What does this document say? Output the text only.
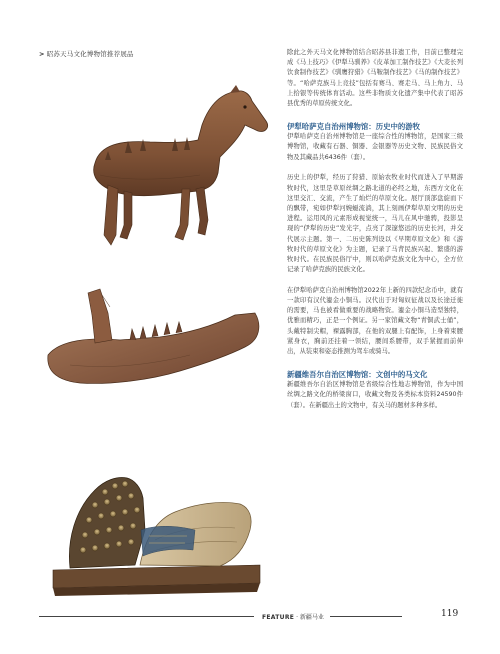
> 昭苏天马文化博物馆推荐展品	除此之外天马文化博物馆结合昭苏县非遗工作，目前已整理完成《马上技巧》《伊犁马驯养》《皮革加工制作技艺》《大麦长列饮食制作技艺》《驯鹰狩猎》《马鞍制作技艺》《马的制作技艺》等。“哈萨克族马上竞技”包括有赛马、赛走马、马上角力、马上拾银等传统体育活动。这些非物质文化遗产集中代表了昭苏县优秀的草原传统文化。

伊犁哈萨克自治州博物馆：历史中的游牧

伊犁哈萨克自治州博物馆是一座综合性的博物馆，是国家三级博物馆，收藏有石器、铜器、金银器等历史文物、民族民俗文物及其藏品共6436件（套）。

历史上的伊犁，经历了狩猎、原始农牧业时代而进入了早期游牧时代，这里是草原丝绸之路北道的必经之地，东西方文化在这里交汇、交流，产生了灿烂的草原文化。展厅顶部盘旋而下的飘带，宛如伊犁河婉蜒流淌，其上刻画伊犁草原文明的历史进程。运用风的元素形成视觉统一，马儿在风中驰骋，投影呈现的“伊犁的历史”发光字，点亮了深邃悠远的历史长河，并交代展示主题。第一、二历史陈列设以《早期草原文化》和《游牧时代的草原文化》为主题，记录了马背民族兴起、繁盛的游牧时代。在民族民俗厅中，则以哈萨克族文化为中心，全方位记录了哈萨克族的民族文化。

在伊犁哈萨克自治州博物馆2022年上新的四款纪念币中，就有一款印有汉代鎏金小铜马。汉代出于对匈奴征战以及长途迁徙的需要，马也被看做重要的战略物资。鎏金小铜马造型独特，优雅而精巧，正是一个例证。另一家馆藏文物“青铜武士俑”，头戴特制尖帽，裸露胸部，在他的双腿上有配饰，上身着束腰紧身衣，胸前还挂着一领结，腰间系腰带，双手紧握而前伸出，从装束和姿态推测为驾车或骑马。

新疆维吾尔自治区博物馆：文创中的马文化

新疆维吾尔自治区博物馆是省级综合性地志博物馆，作为中国丝绸之路文化的桥梁窗口，收藏文物及各类标本资料24590件（套）。在新疆出土的文物中，有关马的题材多种多样。

FEATURE · 新疆马业	119
